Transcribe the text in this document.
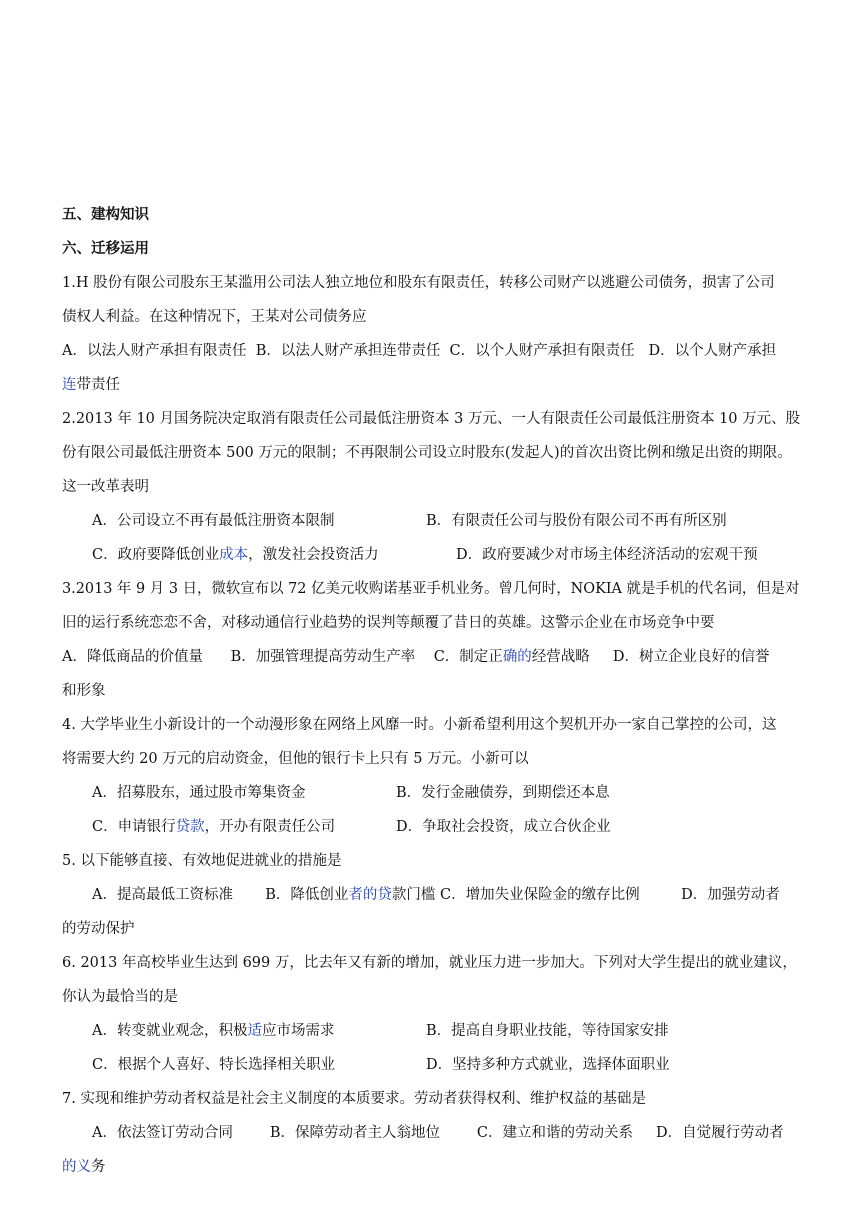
五、建构知识
六、迁移运用
1.H 股份有限公司股东王某滥用公司法人独立地位和股东有限责任，转移公司财产以逃避公司债务，损害了公司
债权人利益。在这种情况下，王某对公司债务应
A．以法人财产承担有限责任  B．以法人财产承担连带责任  C．以个人财产承担有限责任   D．以个人财产承担
连带责任
2.2013 年 10 月国务院决定取消有限责任公司最低注册资本 3 万元、一人有限责任公司最低注册资本 10 万元、股
份有限公司最低注册资本 500 万元的限制；不再限制公司设立时股东(发起人)的首次出资比例和缴足出资的期限。
这一改革表明
A．公司设立不再有最低注册资本限制	B．有限责任公司与股份有限公司不再有所区别
C．政府要降低创业成本，激发社会投资活力	D．政府要减少对市场主体经济活动的宏观干预
3.2013 年 9 月 3 日，微软宣布以 72 亿美元收购诺基亚手机业务。曾几何时，NOKIA 就是手机的代名词，但是对
旧的运行系统恋恋不舍，对移动通信行业趋势的误判等颠覆了昔日的英雄。这警示企业在市场竞争中要
A．降低商品的价值量      B．加强管理提高劳动生产率    C．制定正确的经营战略     D．树立企业良好的信誉
和形象
4. 大学毕业生小新设计的一个动漫形象在网络上风靡一时。小新希望利用这个契机开办一家自己掌控的公司，这
将需要大约 20 万元的启动资金，但他的银行卡上只有 5 万元。小新可以
A．招募股东，通过股市筹集资金	B．发行金融债券，到期偿还本息
C．申请银行贷款，开办有限责任公司	D．争取社会投资，成立合伙企业
5. 以下能够直接、有效地促进就业的措施是
A．提高最低工资标准       B．降低创业者的贷款门槛 C．增加失业保险金的缴存比例         D．加强劳动者
的劳动保护
6. 2013 年高校毕业生达到 699 万，比去年又有新的增加，就业压力进一步加大。下列对大学生提出的就业建议，
你认为最恰当的是
A．转变就业观念，积极适应市场需求	B．提高自身职业技能，等待国家安排
C．根据个人喜好、特长选择相关职业	D．坚持多种方式就业，选择体面职业
7. 实现和维护劳动者权益是社会主义制度的本质要求。劳动者获得权利、维护权益的基础是
A．依法签订劳动合同        B．保障劳动者主人翁地位        C．建立和谐的劳动关系     D．自觉履行劳动者
的义务
